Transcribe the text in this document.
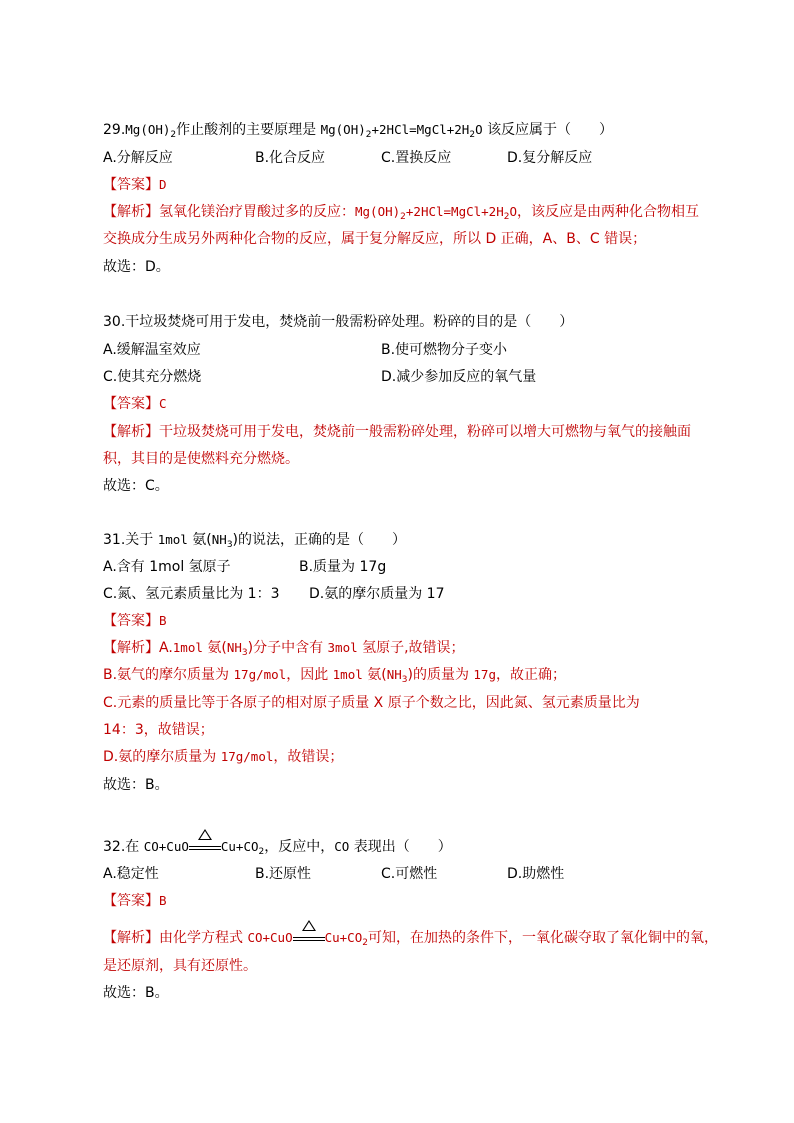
$29.Mg(OH)_2$作止酸剂的主要原理是 $Mg(OH)_2+2HCl=MgCl+2H_2O$ 该反应属于（　　）
A.分解反应	B.化合反应	C.置换反应	D.复分解反应
【答案】D
【解析】氢氧化镁治疗胃酸过多的反应：$Mg(OH)_2+2HCl=MgCl+2H_2O$，该反应是由两种化合物相互
交换成分生成另外两种化合物的反应，属于复分解反应，所以 D 正确，A、B、C 错误；
故选：D。
30.干垃圾焚烧可用于发电，焚烧前一般需粉碎处理。粉碎的目的是（　　）
A.缓解温室效应	B.使可燃物分子变小
C.使其充分燃烧	D.减少参加反应的氧气量
【答案】C
【解析】干垃圾焚烧可用于发电，焚烧前一般需粉碎处理，粉碎可以增大可燃物与氧气的接触面
积，其目的是使燃料充分燃烧。
故选：C。
31.关于 1mol 氨$(NH_3)$的说法，正确的是（　　）
A.含有 1mol 氢原子	B.质量为 17g
C.氮、氢元素质量比为 1：3 D.氨的摩尔质量为 17
【答案】B
【解析】A.1mol 氨$(NH_3)$分子中含有 3mol 氢原子,故错误；
B.氨气的摩尔质量为 17g/mol，因此 1mol 氨$(NH_3)$的质量为 17g，故正确；
C.元素的质量比等于各原子的相对原子质量 X 原子个数之比，因此氮、氢元素质量比为
14：3，故错误；
D.氨的摩尔质量为 17g/mol，故错误；
故选：B。
32.在 CO+CuO	$Cu+CO_2$，反应中，CO 表现出（　　）
A.稳定性	B.还原性	C.可燃性	D.助燃性
【答案】B
【解析】由化学方程式 CO+CuO	$Cu+CO_2$可知，在加热的条件下，一氧化碳夺取了氧化铜中的氧，
是还原剂，具有还原性。
故选：B。
